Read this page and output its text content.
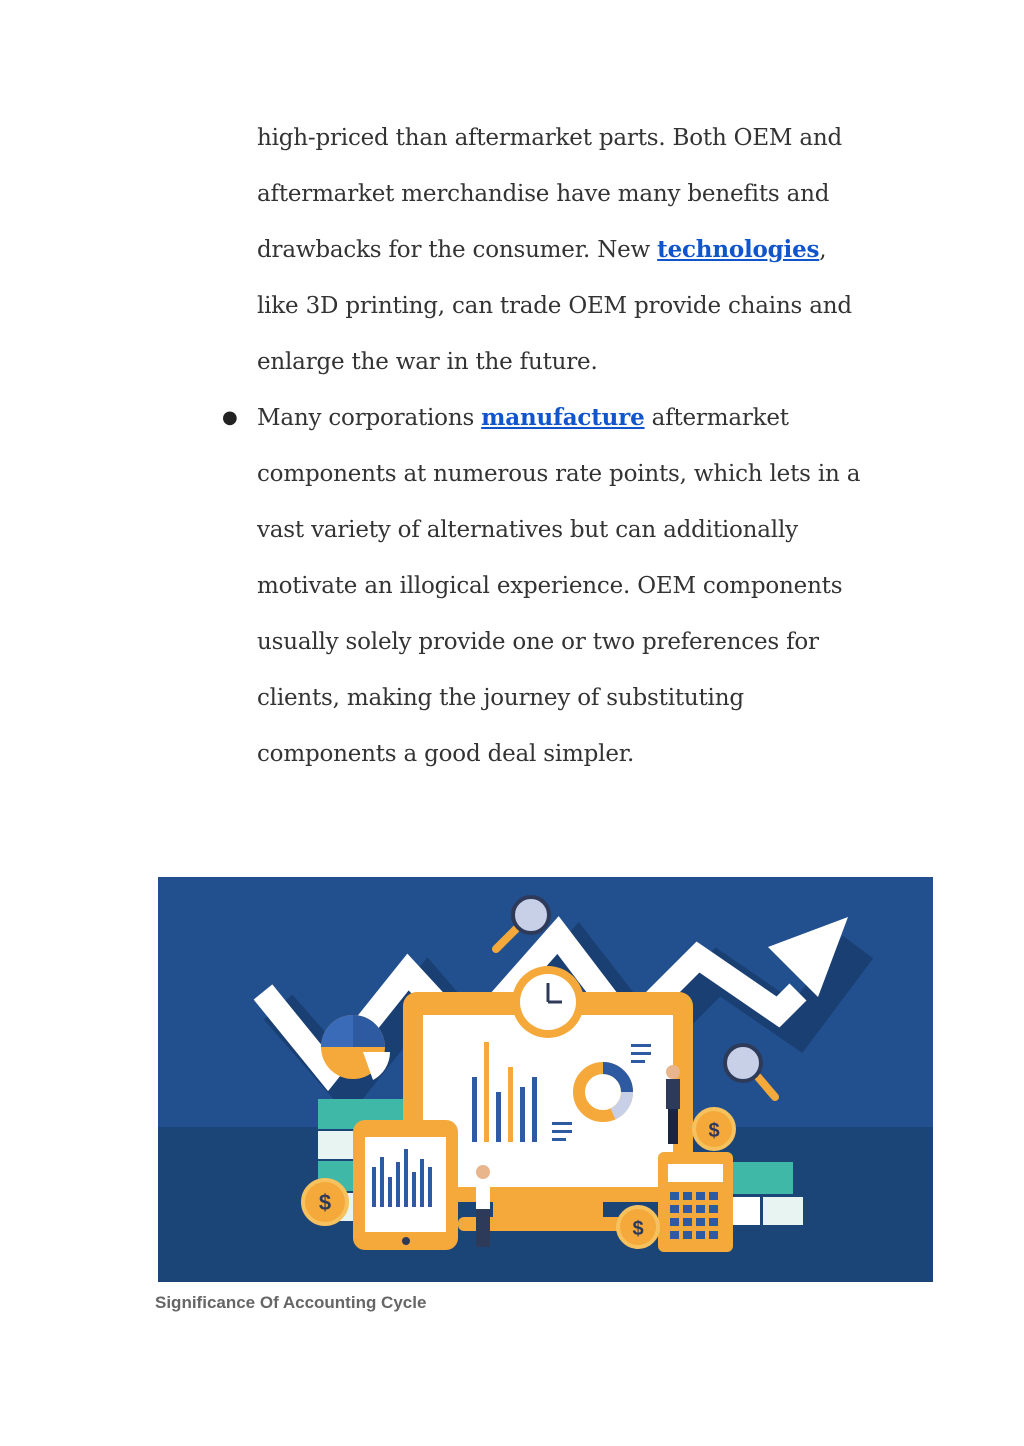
high-priced than aftermarket parts. Both OEM and
aftermarket merchandise have many benefits and
drawbacks for the consumer. New technologies,
like 3D printing, can trade OEM provide chains and
enlarge the war in the future.
● Many corporations manufacture aftermarket
components at numerous rate points, which lets in a
vast variety of alternatives but can additionally
motivate an illogical experience. OEM components
usually solely provide one or two preferences for
clients, making the journey of substituting
components a good deal simpler.
$
$
$
Significance Of Accounting Cycle
